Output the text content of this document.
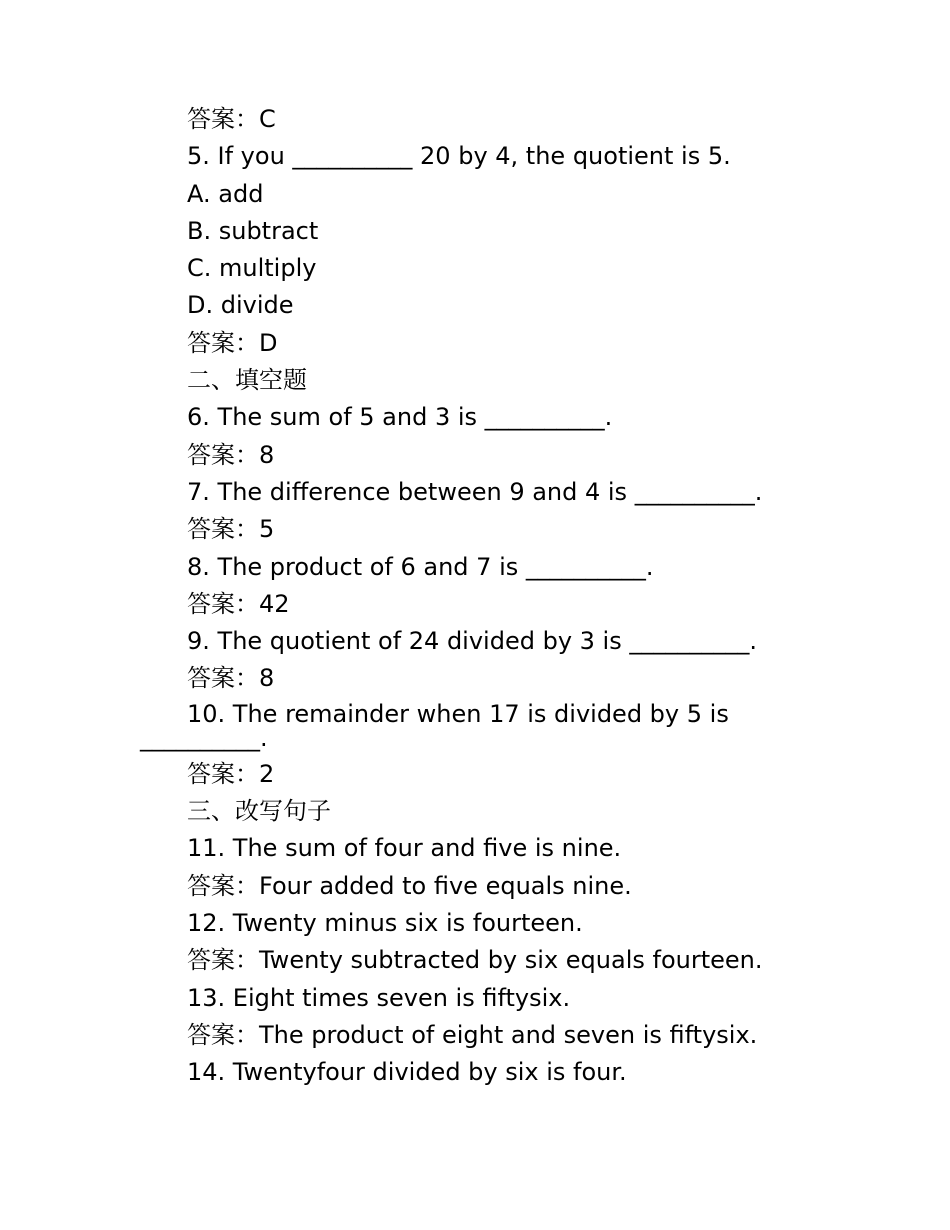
答案：C
5. If you __________ 20 by 4, the quotient is 5.
A. add
B. subtract
C. multiply
D. divide
答案：D
二、填空题
6. The sum of 5 and 3 is __________.
答案：8
7. The difference between 9 and 4 is __________.
答案：5
8. The product of 6 and 7 is __________.
答案：42
9. The quotient of 24 divided by 3 is __________.
答案：8
10. The remainder when 17 is divided by 5 is
__________.
答案：2
三、改写句子
11. The sum of four and five is nine.
答案：Four added to five equals nine.
12. Twenty minus six is fourteen.
答案：Twenty subtracted by six equals fourteen.
13. Eight times seven is fiftysix.
答案：The product of eight and seven is fiftysix.
14. Twentyfour divided by six is four.
